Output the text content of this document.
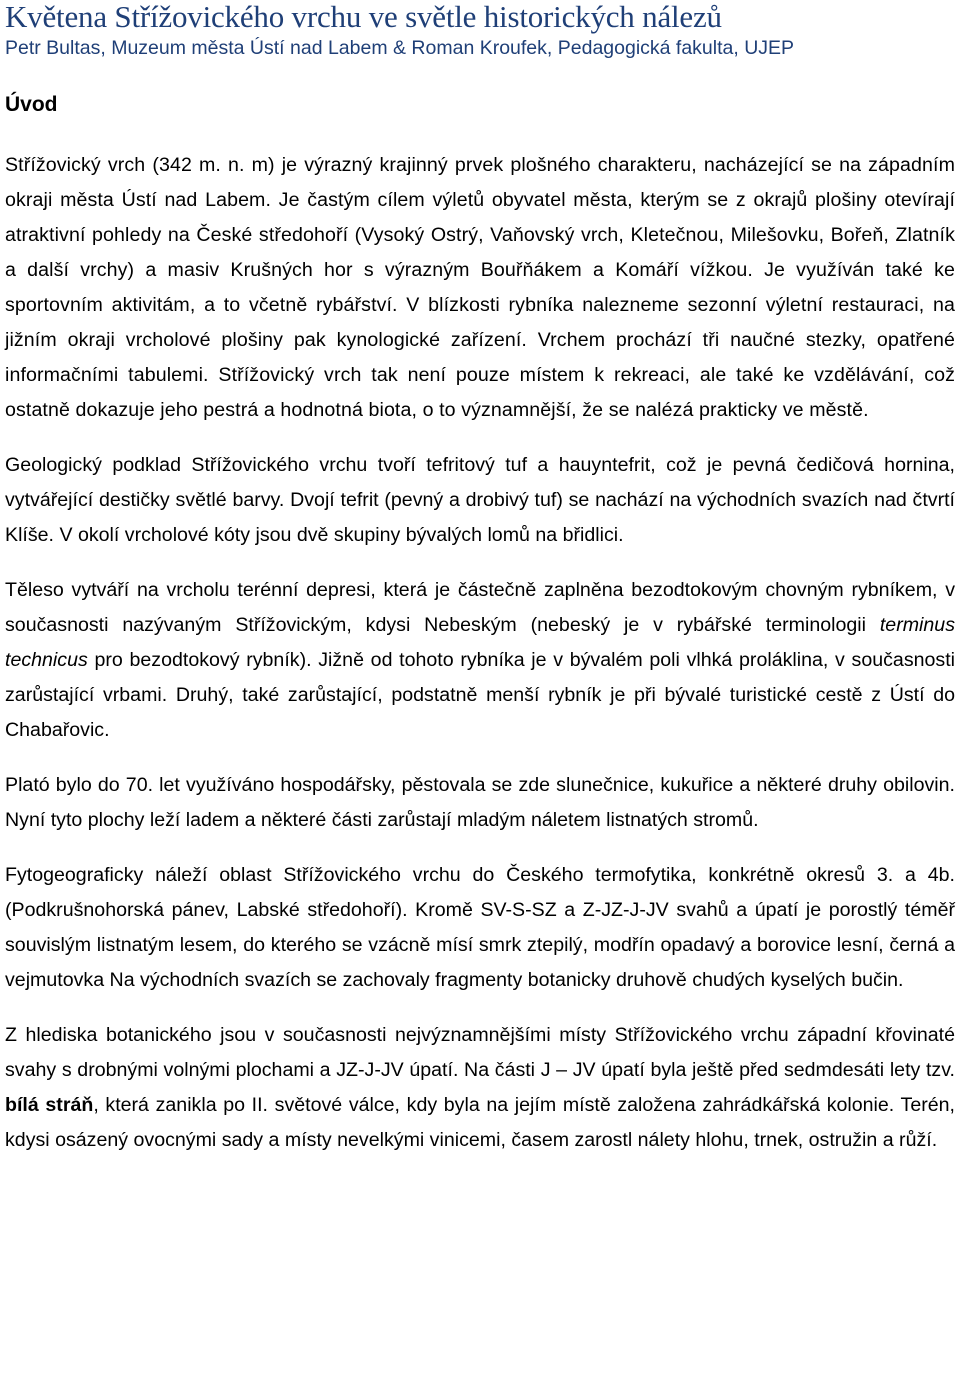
Květena Střížovického vrchu ve světle historických nálezů
Petr Bultas, Muzeum města Ústí nad Labem & Roman Kroufek, Pedagogická fakulta, UJEP
Úvod

Střížovický vrch (342 m. n. m) je výrazný krajinný prvek plošného charakteru, nacházející se na západním okraji města Ústí nad Labem. Je častým cílem výletů obyvatel města, kterým se z okrajů plošiny otevírají atraktivní pohledy na České středohoří (Vysoký Ostrý, Vaňovský vrch, Kletečnou, Milešovku, Bořeň, Zlatník a další vrchy) a masiv Krušných hor s výrazným Bouřňákem a Komáří vížkou. Je využíván také ke sportovním aktivitám, a to včetně rybářství. V blízkosti rybníka nalezneme sezonní výletní restauraci, na jižním okraji vrcholové plošiny pak kynologické zařízení. Vrchem prochází tři naučné stezky, opatřené informačními tabulemi. Střížovický vrch tak není pouze místem k rekreaci, ale také ke vzdělávání, což ostatně dokazuje jeho pestrá a hodnotná biota, o to významnější, že se nalézá prakticky ve městě.

Geologický podklad Střížovického vrchu tvoří tefritový tuf a hauyntefrit, což je pevná čedičová hornina, vytvářející destičky světlé barvy. Dvojí tefrit (pevný a drobivý tuf) se nachází na východních svazích nad čtvrtí Klíše. V okolí vrcholové kóty jsou dvě skupiny bývalých lomů na břidlici.

Těleso vytváří na vrcholu terénní depresi, která je částečně zaplněna bezodtokovým chovným rybníkem, v současnosti nazývaným Střížovickým, kdysi Nebeským (nebeský je v rybářské terminologii terminus technicus pro bezodtokový rybník). Jižně od tohoto rybníka je v bývalém poli vlhká proláklina, v současnosti zarůstající vrbami. Druhý, také zarůstající, podstatně menší rybník je při bývalé turistické cestě z Ústí do Chabařovic.

Plató bylo do 70. let využíváno hospodářsky, pěstovala se zde slunečnice, kukuřice a některé druhy obilovin. Nyní tyto plochy leží ladem a některé části zarůstají mladým náletem listnatých stromů.

Fytogeograficky náleží oblast Střížovického vrchu do Českého termofytika, konkrétně okresů 3. a 4b. (Podkrušnohorská pánev, Labské středohoří). Kromě SV-S-SZ a Z-JZ-J-JV svahů a úpatí je porostlý téměř souvislým listnatým lesem, do kterého se vzácně mísí smrk ztepilý, modřín opadavý a borovice lesní, černá a vejmutovka Na východních svazích se zachovaly fragmenty botanicky druhově chudých kyselých bučin.

Z hlediska botanického jsou v současnosti nejvýznamnějšími místy Střížovického vrchu západní křovinaté svahy s drobnými volnými plochami a JZ-J-JV úpatí. Na části J – JV úpatí byla ještě před sedmdesáti lety tzv. bílá stráň, která zanikla po II. světové válce, kdy byla na jejím místě založena zahrádkářská kolonie. Terén, kdysi osázený ovocnými sady a místy nevelkými vinicemi, časem zarostl nálety hlohu, trnek, ostružin a růží.
